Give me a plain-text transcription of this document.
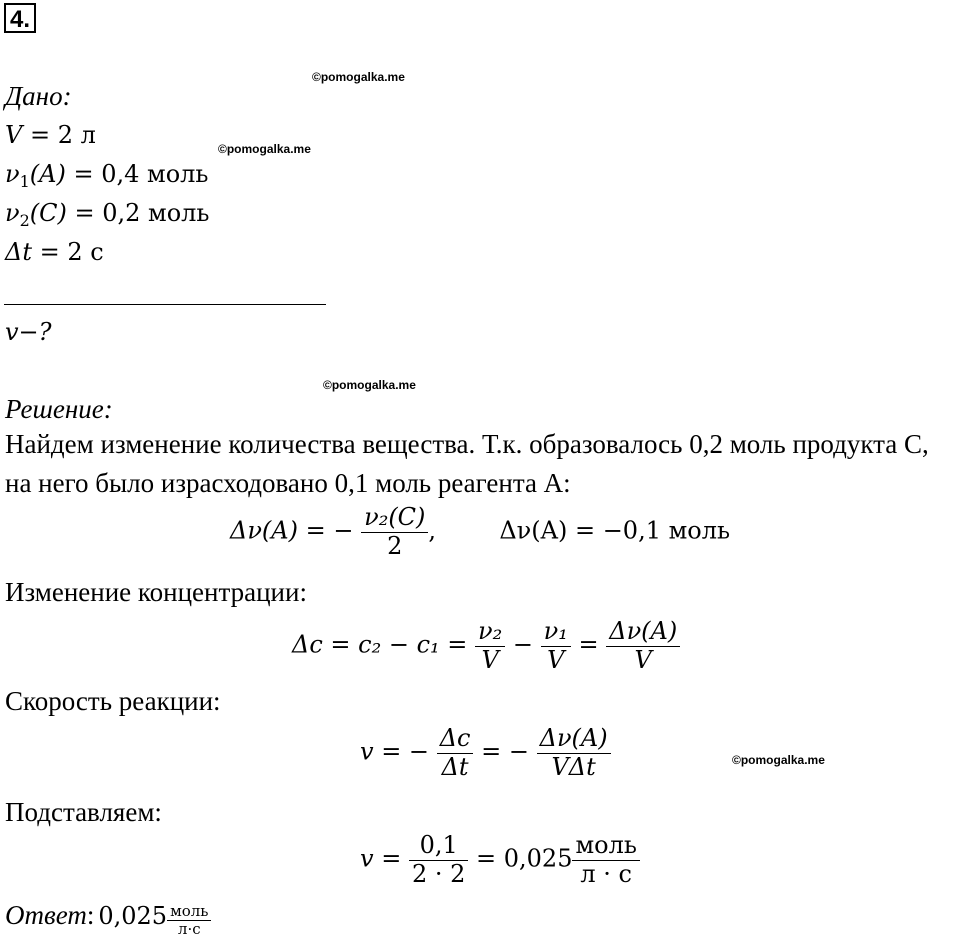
4.
©pomogalka.me
©pomogalka.me
©pomogalka.me
©pomogalka.me
Дано:
V = 2 л
$\nu_1(A) = 0,4$ моль
$\nu_2(C) = 0,2$ моль
Δt = 2 с
v−?
Решение:
Найдем изменение количества вещества. Т.к. образовалось 0,2 моль продукта С,
на него было израсходовано 0,1 моль реагента А:
Δν(A) = − $\frac{\text{ν₂(C)}}{2}$ ,	Δν(A) = −0,1 моль
Изменение концентрации:
$\Delta c = c_2 - c_1 = \frac{\text{ν₂}}{V} - \frac{\text{ν₁}}{V} = \frac{\Delta\nu(A)}{V}$
Скорость реакции:
v = − $\frac{\Delta c}{\Delta t}$ = − $\frac{\Delta\nu(A)}{\text{VΔt}}$
Подставляем:
$v = \frac{0,1}{2 \cdot 2} = 0,025 \frac{\text{моль}}{л \cdot с}$
Ответ: $0,025 \frac{\text{моль}}{л\cdot с}$
